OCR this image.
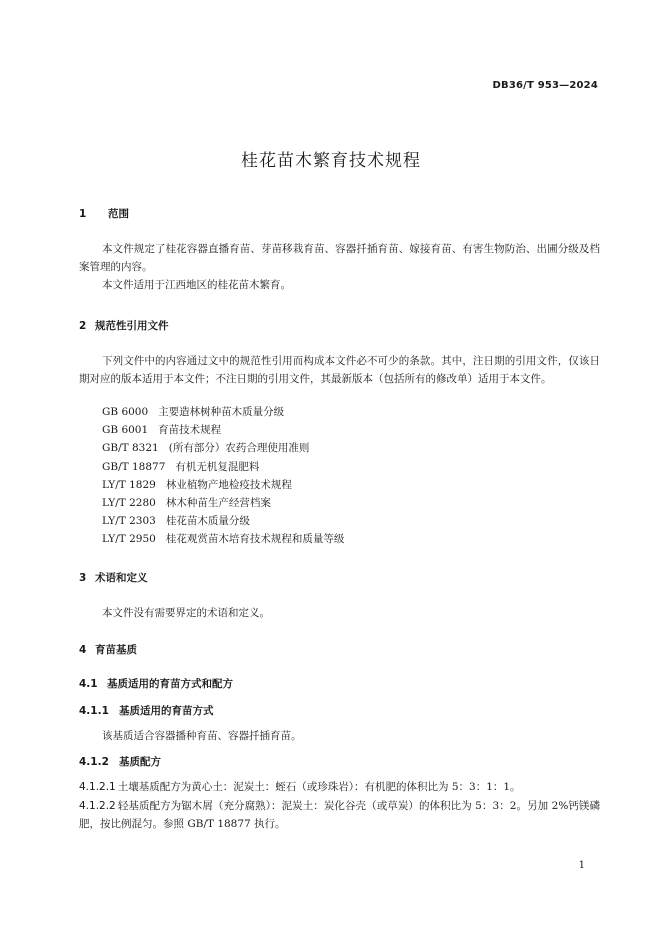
DB36/T 953—2024
桂花苗木繁育技术规程
1 范围
本文件规定了桂花容器直播育苗、芽苗移栽育苗、容器扦插育苗、嫁接育苗、有害生物防治、出圃分级及档案管理的内容。
本文件适用于江西地区的桂花苗木繁育。
2 规范性引用文件
下列文件中的内容通过文中的规范性引用而构成本文件必不可少的条款。其中，注日期的引用文件，仅该日期对应的版本适用于本文件；不注日期的引用文件，其最新版本（包括所有的修改单）适用于本文件。
GB 6000 主要造林树种苗木质量分级
GB 6001 育苗技术规程
GB/T 8321 (所有部分）农药合理使用准则
GB/T 18877 有机无机复混肥料
LY/T 1829 林业植物产地检疫技术规程
LY/T 2280 林木种苗生产经营档案
LY/T 2303 桂花苗木质量分级
LY/T 2950 桂花观赏苗木培育技术规程和质量等级
3 术语和定义
本文件没有需要界定的术语和定义。
4 育苗基质
4.1 基质适用的育苗方式和配方
4.1.1 基质适用的育苗方式
该基质适合容器播种育苗、容器扦插育苗。
4.1.2 基质配方
4.1.2.1 土壤基质配方为黄心土：泥炭土：蛭石（或珍珠岩）：有机肥的体积比为 5：3：1：1。
4.1.2.2 轻基质配方为锯木屑（充分腐熟）：泥炭土：炭化谷壳（或草炭）的体积比为 5：3：2。另加 2%钙镁磷肥，按比例混匀。参照 GB/T 18877 执行。
1
